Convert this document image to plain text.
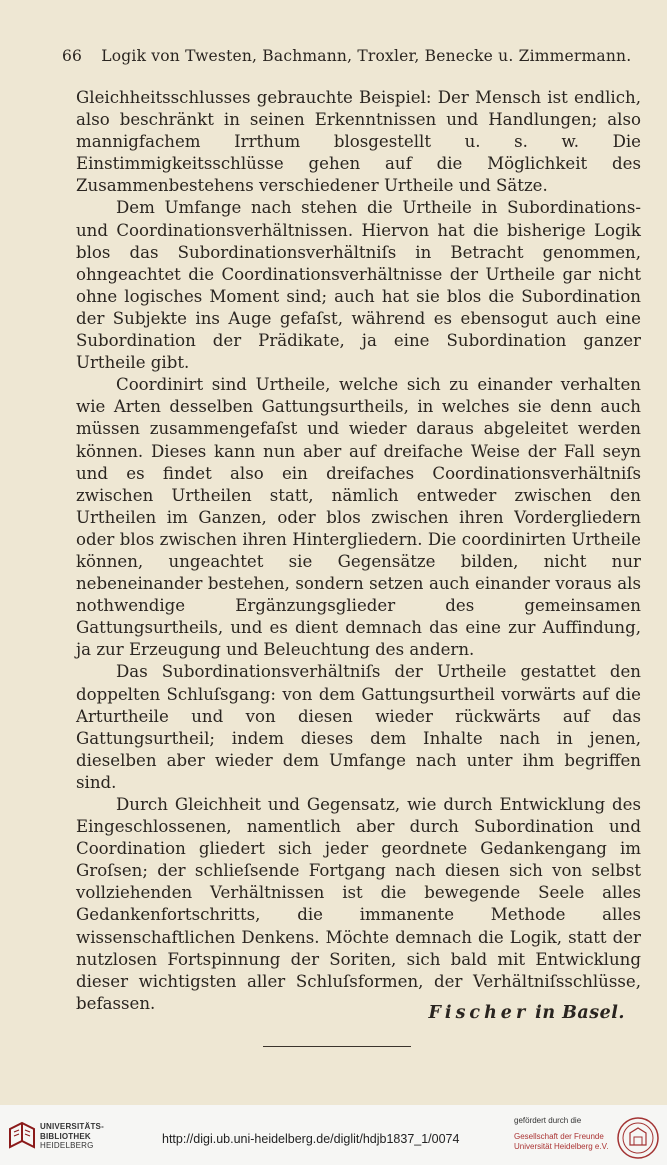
66 Logik von Twesten, Bachmann, Troxler, Benecke u. Zimmermann.

Gleichheitsschlusses gebrauchte Beispiel: Der Mensch ist endlich, also beschränkt in seinen Erkenntnissen und Handlungen; also mannigfachem Irrthum blosgestellt u. s. w. Die Einstimmigkeitsschlüsse gehen auf die Möglichkeit des Zusammenbestehens verschiedener Urtheile und Sätze.

Dem Umfange nach stehen die Urtheile in Subordinations- und Coordinationsverhältnissen. Hiervon hat die bisherige Logik blos das Subordinationsverhältniſs in Betracht genommen, ohngeachtet die Coordinationsverhältnisse der Urtheile gar nicht ohne logisches Moment sind; auch hat sie blos die Subordination der Subjekte ins Auge gefaſst, während es ebensogut auch eine Subordination der Prädikate, ja eine Subordination ganzer Urtheile gibt.

Coordinirt sind Urtheile, welche sich zu einander verhalten wie Arten desselben Gattungsurtheils, in welches sie denn auch müssen zusammengefaſst und wieder daraus abgeleitet werden können. Dieses kann nun aber auf dreifache Weise der Fall seyn und es findet also ein dreifaches Coordinationsverhältniſs zwischen Urtheilen statt, nämlich entweder zwischen den Urtheilen im Ganzen, oder blos zwischen ihren Vordergliedern oder blos zwischen ihren Hintergliedern. Die coordinirten Urtheile können, ungeachtet sie Gegensätze bilden, nicht nur nebeneinander bestehen, sondern setzen auch einander voraus als nothwendige Ergänzungsglieder des gemeinsamen Gattungsurtheils, und es dient demnach das eine zur Auffindung, ja zur Erzeugung und Beleuchtung des andern.

Das Subordinationsverhältniſs der Urtheile gestattet den doppelten Schluſsgang: von dem Gattungsurtheil vorwärts auf die Arturtheile und von diesen wieder rückwärts auf das Gattungsurtheil; indem dieses dem Inhalte nach in jenen, dieselben aber wieder dem Umfange nach unter ihm begriffen sind.

Durch Gleichheit und Gegensatz, wie durch Entwicklung des Eingeschlossenen, namentlich aber durch Subordination und Coordination gliedert sich jeder geordnete Gedankengang im Groſsen; der schlieſsende Fortgang nach diesen sich von selbst vollziehenden Verhältnissen ist die bewegende Seele alles Gedankenfortschritts, die immanente Methode alles wissenschaftlichen Denkens. Möchte demnach die Logik, statt der nutzlosen Fortspinnung der Soriten, sich bald mit Entwicklung dieser wichtigsten aller Schluſsformen, der Verhältniſsschlüsse, befassen.	Fischer in Basel.
UNIVERSITÄTS-
BIBLIOTHEK
HEIDELBERG	http://digi.ub.uni-heidelberg.de/diglit/hdjb1837_1/0074
gefördert durch die
Gesellschaft der Freunde
Universität Heidelberg e.V.
